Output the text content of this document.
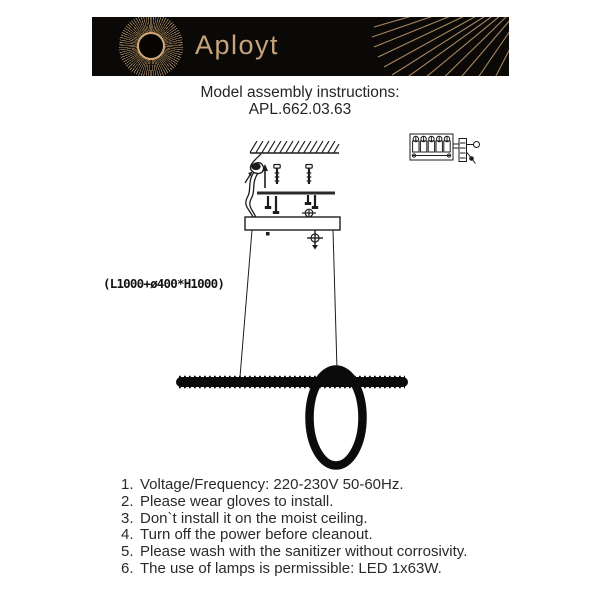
Aployt
Model assembly instructions:
APL.662.03.63
(L1000+ø400*H1000)
1. Voltage/Frequency: 220-230V 50-60Hz.
2. Please wear gloves to install.
3. Don`t install it on the moist ceiling.
4. Turn off the power before cleanout.
5. Please wash with the sanitizer without corrosivity.
6. The use of lamps is permissible: LED 1x63W.
